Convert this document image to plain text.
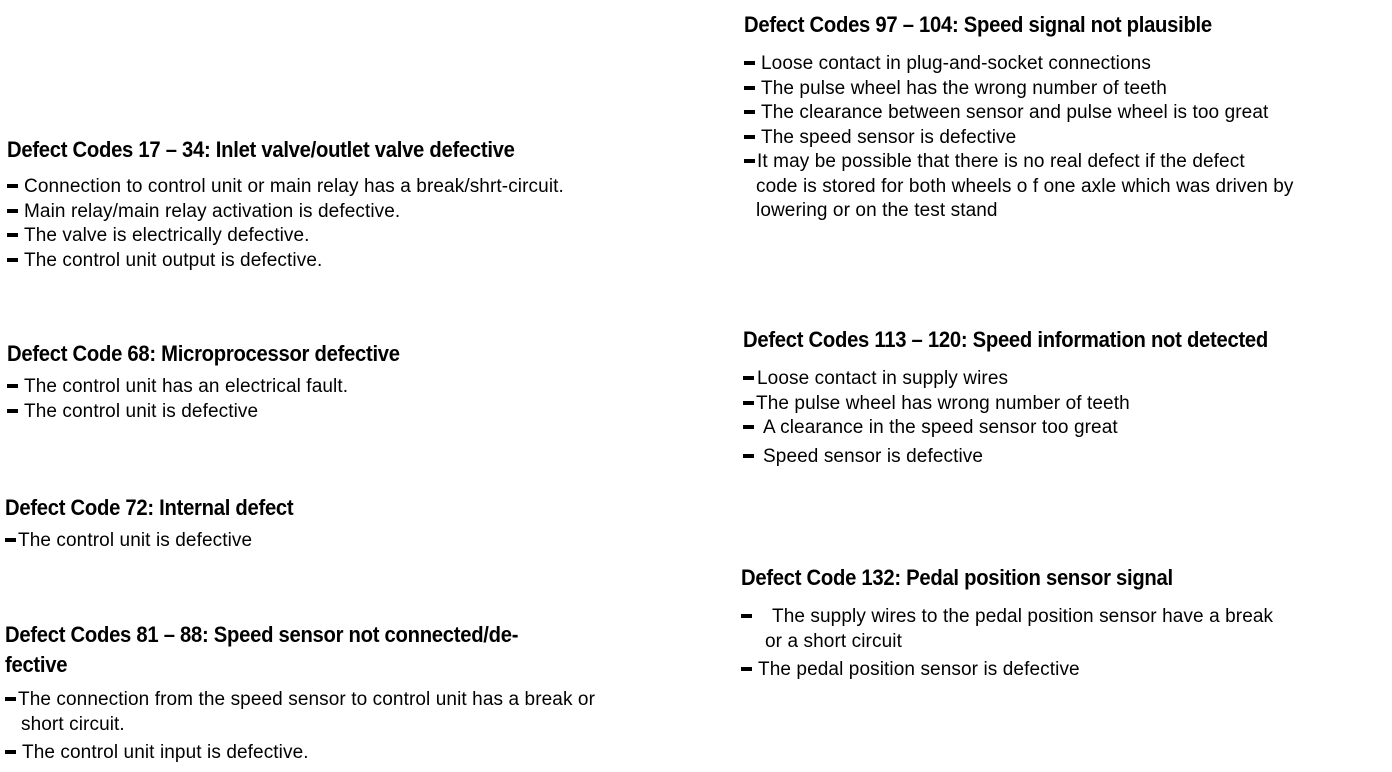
Defect Codes 17 – 34: Inlet valve/outlet valve defective
Connection to control unit or main relay has a break/shrt-circuit.
Main relay/main relay activation is defective.
The valve is electrically defective.
The control unit output is defective.
Defect Code 68: Microprocessor defective
The control unit has an electrical fault.
The control unit is defective
Defect Code 72: Internal defect
The control unit is defective
Defect Codes 81 – 88: Speed sensor not connected/de-
fective
The connection from the speed sensor to control unit has a break or
short circuit.
The control unit input is defective.
Defect Codes 97 – 104: Speed signal not plausible
Loose contact in plug-and-socket connections
The pulse wheel has the wrong number of teeth
The clearance between sensor and pulse wheel is too great
The speed sensor is defective
It may be possible that there is no real defect if the defect
code is stored for both wheels o f one axle which was driven by
lowering or on the test stand
Defect Codes 113 – 120: Speed information not detected
Loose contact in supply wires
The pulse wheel has wrong number of teeth
A clearance in the speed sensor too great
Speed sensor is defective
Defect Code 132: Pedal position sensor signal
The supply wires to the pedal position sensor have a break
or a short circuit
The pedal position sensor is defective
